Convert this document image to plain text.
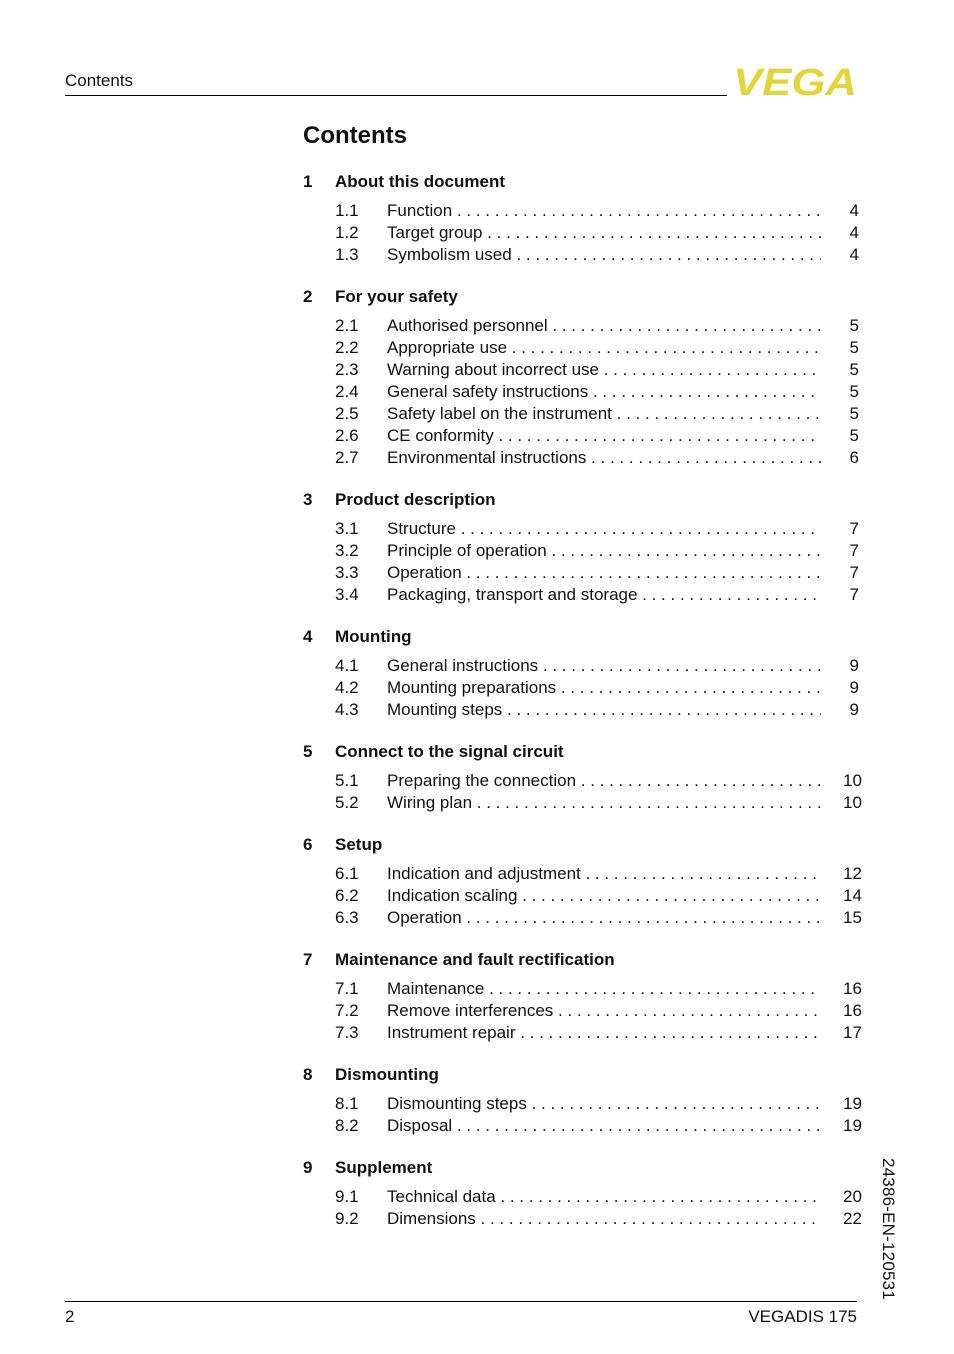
Contents	VEGA
Contents
1	About this document
1.1	Function . . .	4
1.2	Target group . . .	4
1.3	Symbolism used . . .	4
2	For your safety
2.1	Authorised personnel . . .	5
2.2	Appropriate use . . .	5
2.3	Warning about incorrect use . . .	5
2.4	General safety instructions . . .	5
2.5	Safety label on the instrument . . .	5
2.6	CE conformity . . .	5
2.7	Environmental instructions . . .	6
3	Product description
3.1	Structure . . .	7
3.2	Principle of operation . . .	7
3.3	Operation . . .	7
3.4	Packaging, transport and storage . . .	7
4	Mounting
4.1	General instructions . . .	9
4.2	Mounting preparations . . .	9
4.3	Mounting steps . . .	9
5	Connect to the signal circuit
5.1	Preparing the connection . . .	10
5.2	Wiring plan . . .	10
6	Setup
6.1	Indication and adjustment . . .	12
6.2	Indication scaling . . .	14
6.3	Operation . . .	15
7	Maintenance and fault rectification
7.1	Maintenance . . .	16
7.2	Remove interferences . . .	16
7.3	Instrument repair . . .	17
8	Dismounting
8.1	Dismounting steps . . .	19
8.2	Disposal . . .	19
9	Supplement
9.1	Technical data . . .	20
9.2	Dimensions . . .	22 24386-EN-120531
2	VEGADIS 175
